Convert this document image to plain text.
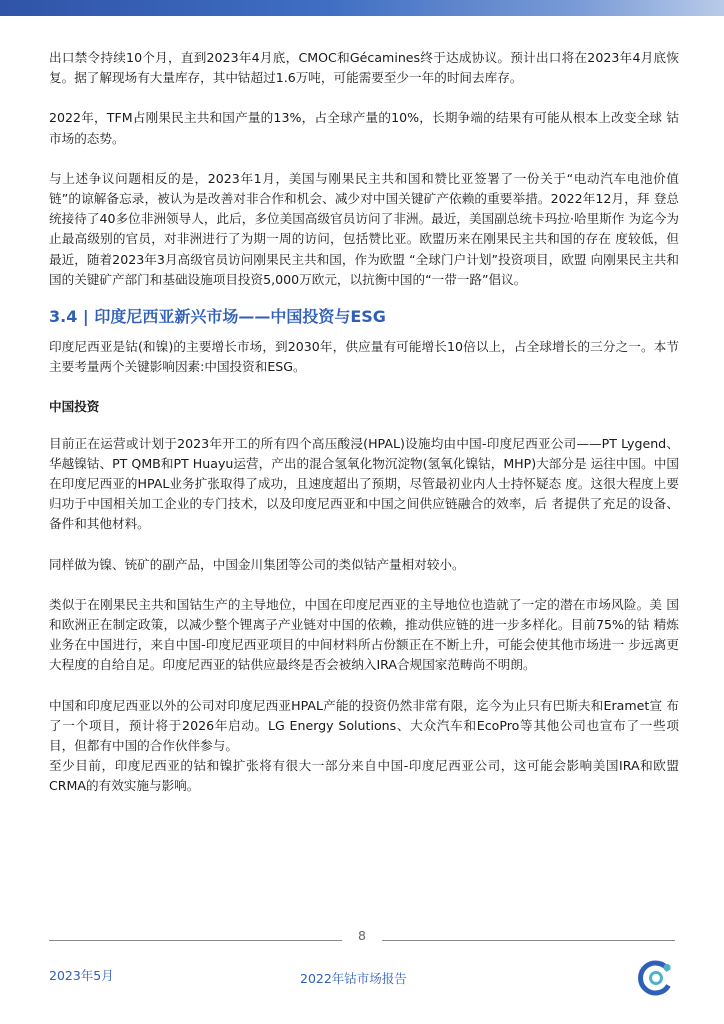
出口禁令持续10个月，直到2023年4月底，CMOC和Gécamines终于达成协议。预计出口将在2023年4月底恢 复。据了解现场有大量库存，其中钴超过1.6万吨，可能需要至少一年的时间去库存。

2022年，TFM占刚果民主共和国产量的13%，占全球产量的10%，长期争端的结果有可能从根本上改变全球 钴市场的态势。

与上述争议问题相反的是，2023年1月，美国与刚果民主共和国和赞比亚签署了一份关于“电动汽车电池价值 链”的谅解备忘录，被认为是改善对非合作和机会、减少对中国关键矿产依赖的重要举措。2022年12月，拜 登总统接待了40多位非洲领导人，此后，多位美国高级官员访问了非洲。最近，美国副总统卡玛拉·哈里斯作 为迄今为止最高级别的官员，对非洲进行了为期一周的访问，包括赞比亚。欧盟历来在刚果民主共和国的存在 度较低，但最近，随着2023年3月高级官员访问刚果民主共和国，作为欧盟 “全球门户计划”投资项目，欧盟 向刚果民主共和国的关键矿产部门和基础设施项目投资5,000万欧元，以抗衡中国的“一带一路”倡议。

3.4 | 印度尼西亚新兴市场——中国投资与ESG

印度尼西亚是钴(和镍)的主要增长市场，到2030年，供应量有可能增长10倍以上，占全球增长的三分之一。本节主要考量两个关键影响因素:中国投资和ESG。

中国投资

目前正在运营或计划于2023年开工的所有四个高压酸浸(HPAL)设施均由中国-印度尼西亚公司——PT Lygend、华越镍钴、PT QMB和PT Huayu运营，产出的混合氢氧化物沉淀物(氢氧化镍钴，MHP)大部分是 运往中国。中国在印度尼西亚的HPAL业务扩张取得了成功，且速度超出了预期，尽管最初业内人士持怀疑态 度。这很大程度上要归功于中国相关加工企业的专门技术，以及印度尼西亚和中国之间供应链融合的效率，后 者提供了充足的设备、备件和其他材料。

同样做为镍、铳矿的副产品，中国金川集团等公司的类似钴产量相对较小。

类似于在刚果民主共和国钴生产的主导地位，中国在印度尼西亚的主导地位也造就了一定的潜在市场风险。美 国和欧洲正在制定政策，以减少整个锂离子产业链对中国的依赖，推动供应链的进一步多样化。目前75%的钴 精炼业务在中国进行，来自中国-印度尼西亚项目的中间材料所占份额正在不断上升，可能会使其他市场进一 步远离更大程度的自给自足。印度尼西亚的钴供应最终是否会被纳入IRA合规国家范畴尚不明朗。

中国和印度尼西亚以外的公司对印度尼西亚HPAL产能的投资仍然非常有限，迄今为止只有巴斯夫和Eramet宣 布了一个项目，预计将于2026年启动。LG Energy Solutions、大众汽车和EcoPro等其他公司也宣布了一些项 目，但都有中国的合作伙伴参与。

至少目前，印度尼西亚的钴和镍扩张将有很大一部分来自中国-印度尼西亚公司，这可能会影响美国IRA和欧盟 CRMA的有效实施与影响。

8
2023年5月	2022年钴市场报告
